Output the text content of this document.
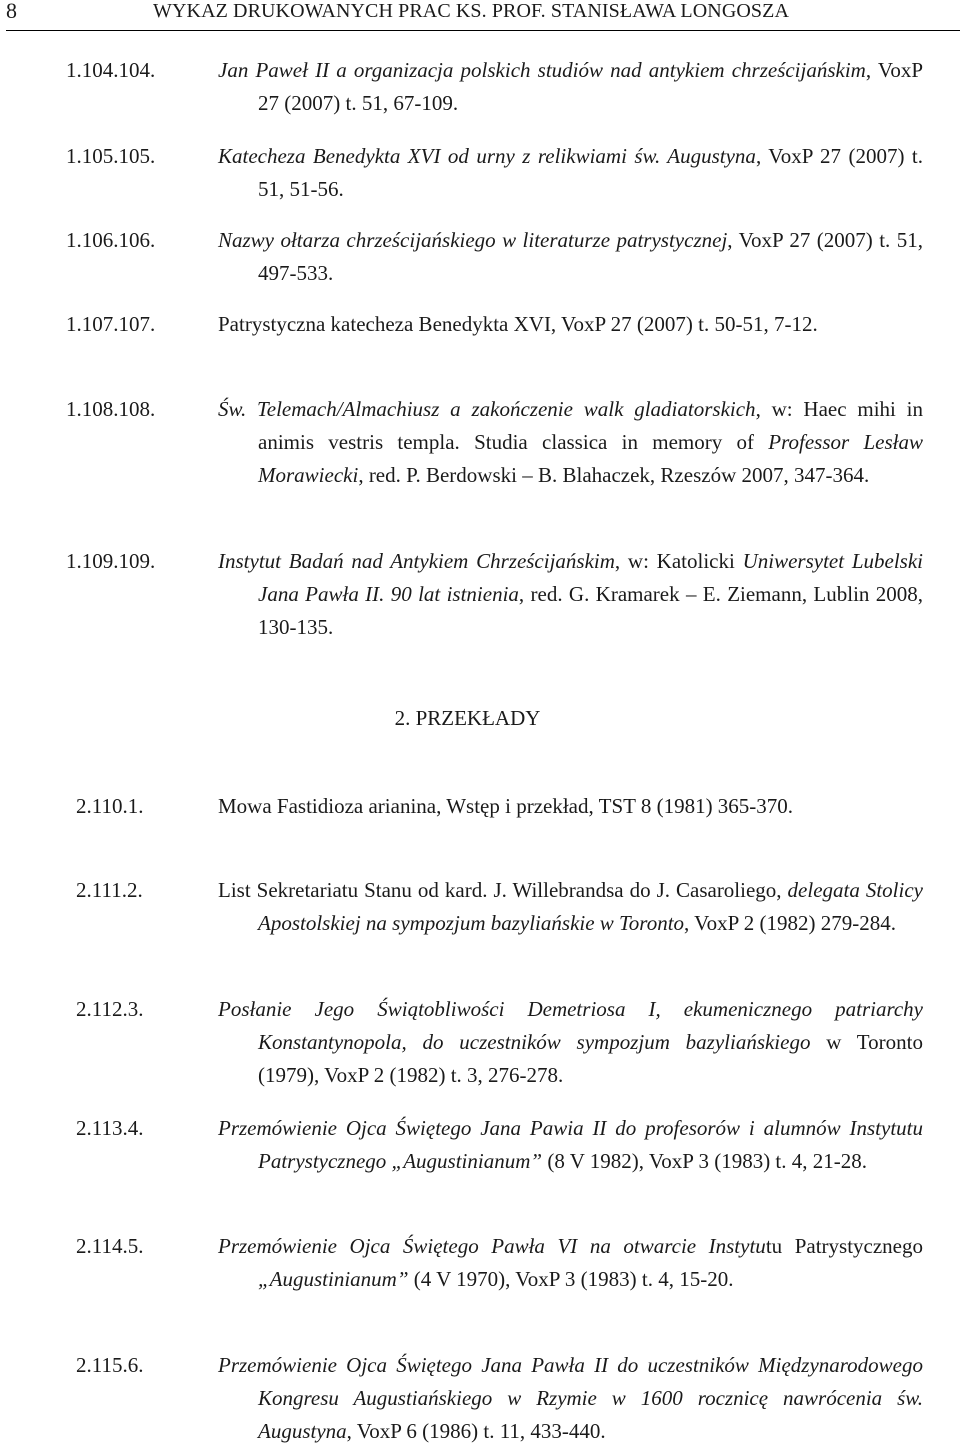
8	WYKAZ DRUKOWANYCH PRAC KS. PROF. STANISŁAWA LONGOSZA
1.104.104.	Jan Paweł II a organizacja polskich studiów nad antykiem chrześcijańskim, VoxP 27 (2007) t. 51, 67-109.
1.105.105.	Katecheza Benedykta XVI od urny z relikwiami św. Augustyna, VoxP 27 (2007) t. 51, 51-56.
1.106.106.	Nazwy ołtarza chrześcijańskiego w literaturze patrystycznej, VoxP 27 (2007) t. 51, 497-533.
1.107.107.	Patrystyczna katecheza Benedykta XVI, VoxP 27 (2007) t. 50-51, 7-12.
1.108.108.	Św. Telemach/Almachiusz a zakończenie walk gladiatorskich, w: Haec mihi in animis vestris templa. Studia classica in memory of Professor Lesław Morawiecki, red. P. Berdowski – B. Blahaczek, Rzeszów 2007, 347-364.
1.109.109.	Instytut Badań nad Antykiem Chrześcijańskim, w: Katolicki Uniwersytet Lubelski Jana Pawła II. 90 lat istnienia, red. G. Kramarek – E. Ziemann, Lublin 2008, 130-135.
2. PRZEKŁADY
2.110.1.	Mowa Fastidioza arianina, Wstęp i przekład, TST 8 (1981) 365-370.
2.111.2.	List Sekretariatu Stanu od kard. J. Willebrandsa do J. Casaroliego, delegata Stolicy Apostolskiej na sympozjum bazyliańskie w Toronto, VoxP 2 (1982) 279-284.
2.112.3.	Posłanie Jego Świątobliwości Demetriosa I, ekumenicznego patriarchy Konstantynopola, do uczestników sympozjum bazyliańskiego w Toronto (1979), VoxP 2 (1982) t. 3, 276-278.
2.113.4.	Przemówienie Ojca Świętego Jana Pawia II do profesorów i alumnów Instytutu Patrystycznego „Augustinianum” (8 V 1982), VoxP 3 (1983) t. 4, 21-28.
2.114.5.	Przemówienie Ojca Świętego Pawła VI na otwarcie Instytutu Patrystycznego „Augustinianum” (4 V 1970), VoxP 3 (1983) t. 4, 15-20.
2.115.6.	Przemówienie Ojca Świętego Jana Pawła II do uczestników Międzynarodowego Kongresu Augustiańskiego w Rzymie w 1600 rocznicę nawrócenia św. Augustyna, VoxP 6 (1986) t. 11, 433-440.
